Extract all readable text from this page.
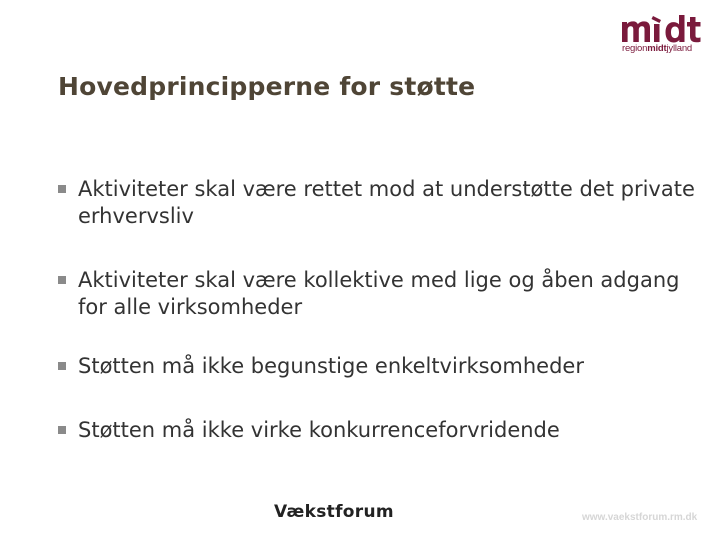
regionmidtjylland
Hovedprincipperne for støtte
Aktiviteter skal være rettet mod at understøtte det private erhvervsliv
Aktiviteter skal være kollektive med lige og åben adgang for alle virksomheder
Støtten må ikke begunstige enkeltvirksomheder
Støtten må ikke virke konkurrenceforvridende
Vækstforum	www.vaekstforum.rm.dk
